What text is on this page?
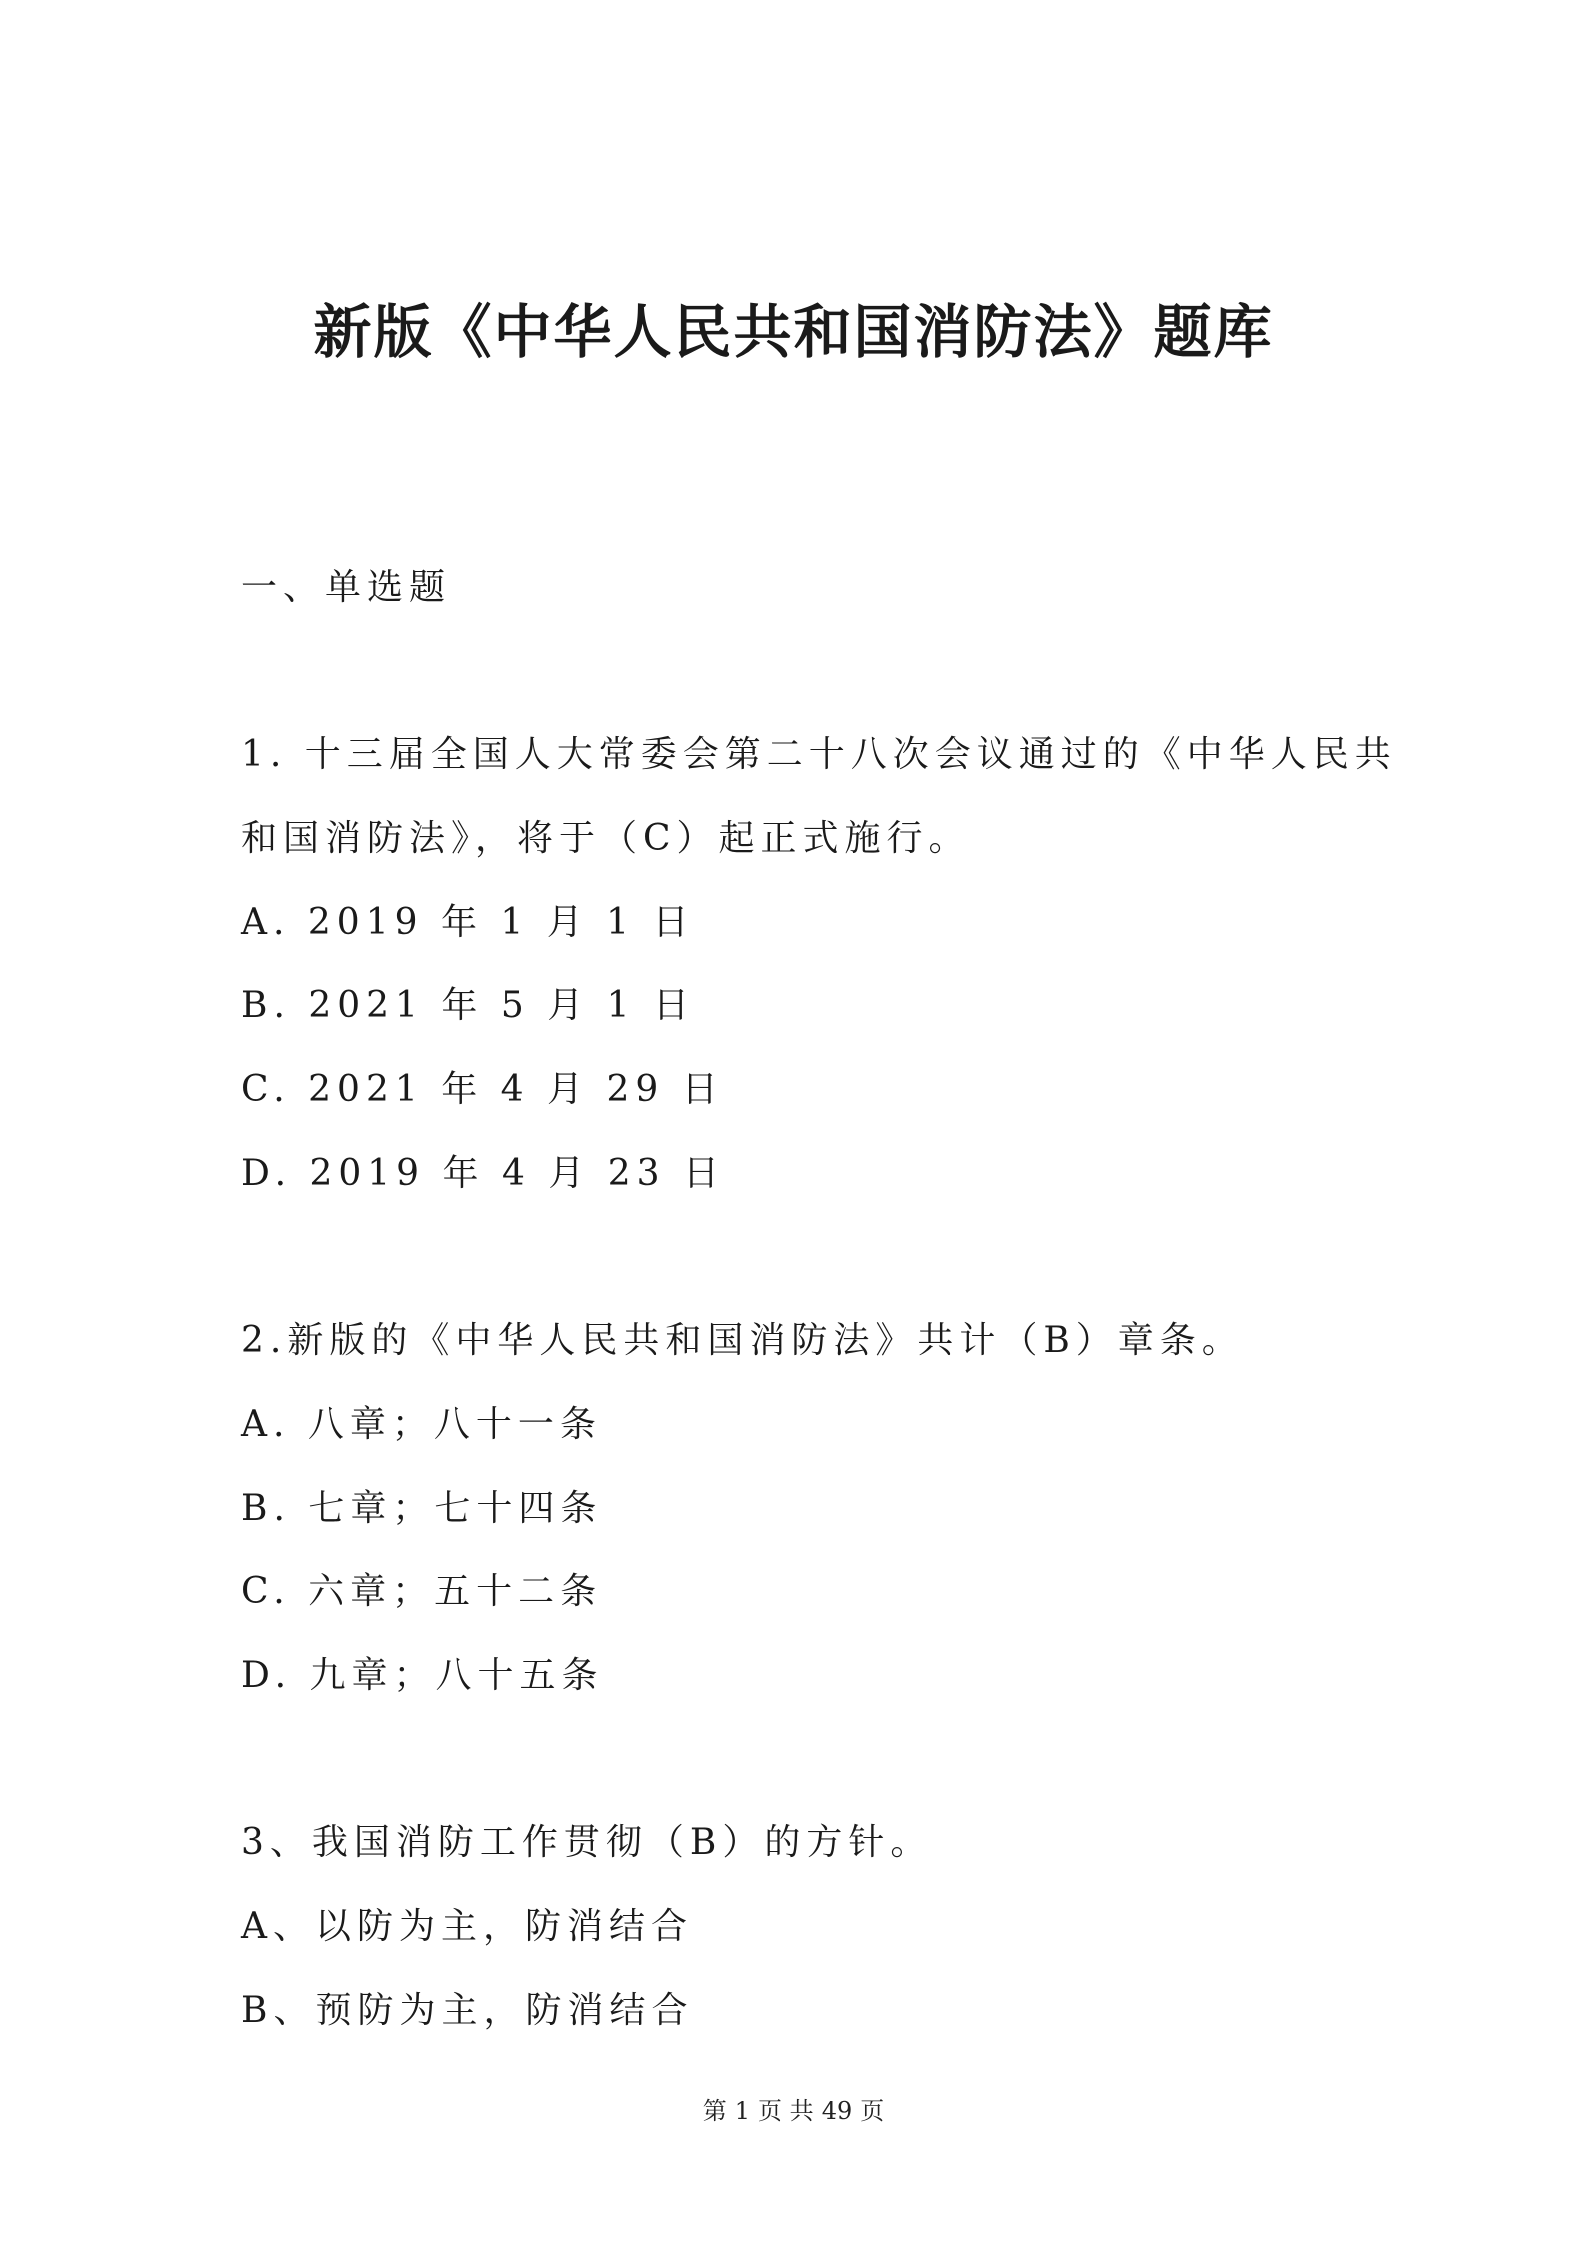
新版《中华人民共和国消防法》题库

一、单选题

1. 十三届全国人大常委会第二十八次会议通过的《中华人民共

和国消防法》，将于（C）起正式施行。

A. 2019 年 1 月 1 日

B. 2021 年 5 月 1 日

C. 2021 年 4 月 29 日

D. 2019 年 4 月 23 日

2.新版的《中华人民共和国消防法》共计（B）章条。

A. 八章；八十一条

B. 七章；七十四条

C. 六章；五十二条

D. 九章；八十五条

3、我国消防工作贯彻（B）的方针。

A、以防为主，防消结合

B、预防为主，防消结合

第 1 页 共 49 页
